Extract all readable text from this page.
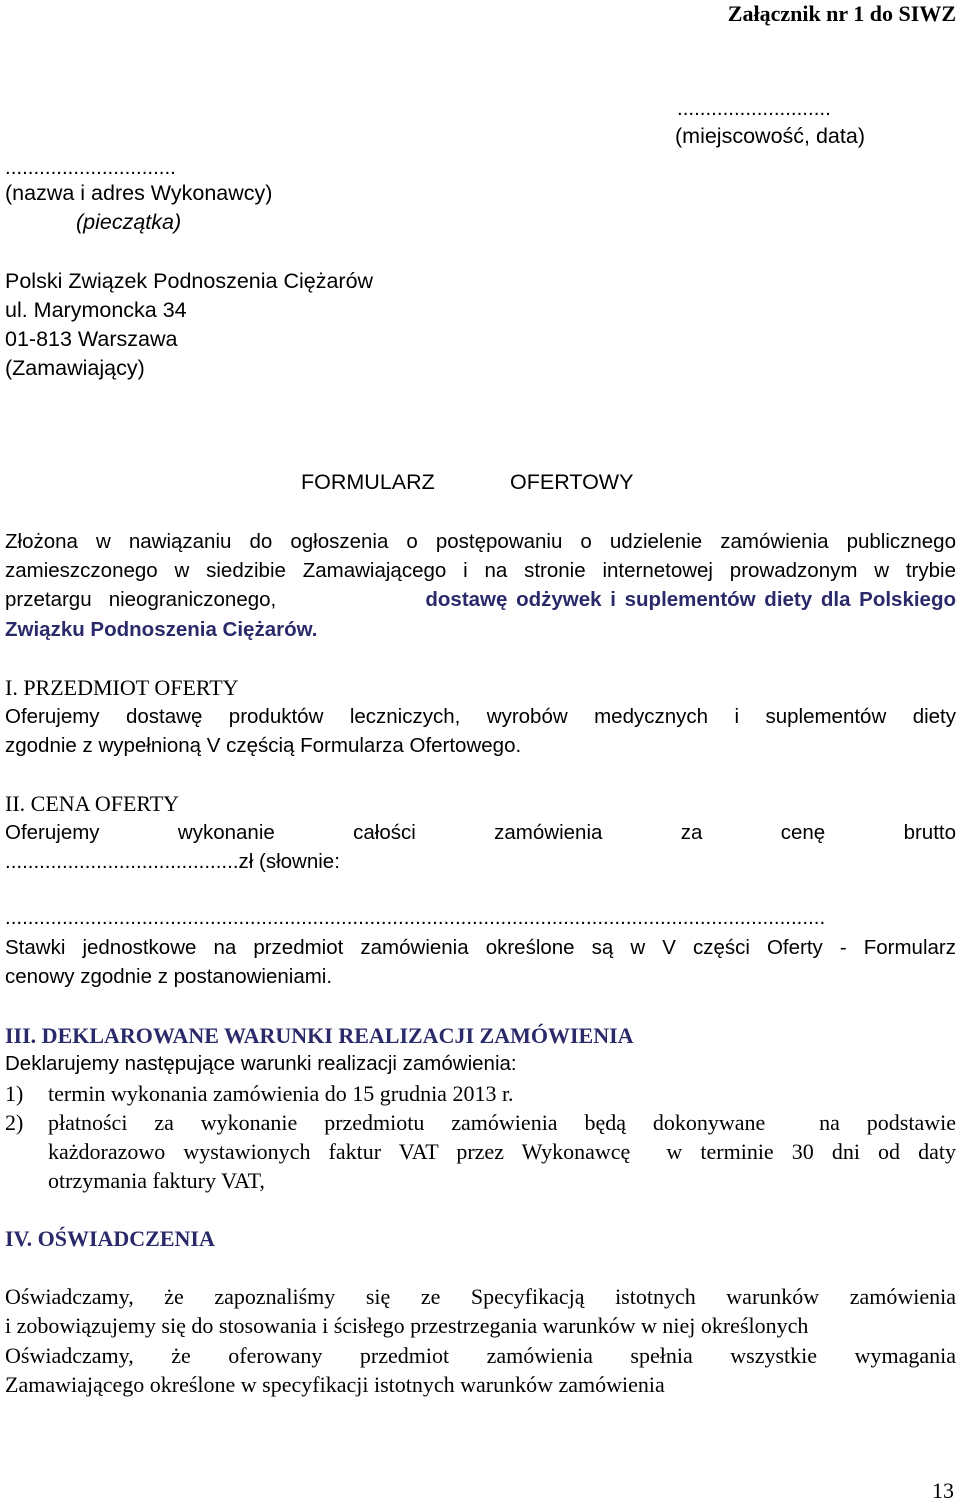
Załącznik nr 1 do SIWZ
...........................
(miejscowość, data)
..............................
(nazwa i adres Wykonawcy)
(pieczątka)
Polski Związek Podnoszenia Ciężarów
ul. Marymoncka 34
01-813 Warszawa
(Zamawiający)
FORMULARZ	OFERTOWY
Złożona w nawiązaniu do ogłoszenia o postępowaniu o udzielenie zamówienia publicznego
zamieszczonego w siedzibie Zamawiającego i na stronie internetowej prowadzonym w trybie
przetargu   nieograniczonego,	dostawę odżywek i suplementów diety dla Polskiego
Związku Podnoszenia Ciężarów.
I. PRZEDMIOT OFERTY
Oferujemy dostawę produktów leczniczych, wyrobów medycznych i suplementów diety
zgodnie z wypełnioną V częścią Formularza Ofertowego.
II. CENA OFERTY
Oferujemy wykonanie całości zamówienia za cenę brutto
.........................................zł (słownie:
................................................................................................................................................
Stawki jednostkowe na przedmiot zamówienia określone są w V części Oferty - Formularz
cenowy zgodnie z postanowieniami.
III. DEKLAROWANE WARUNKI REALIZACJI ZAMÓWIENIA
Deklarujemy następujące warunki realizacji zamówienia:
1) termin wykonania zamówienia do 15 grudnia 2013 r.
2) płatności za wykonanie przedmiotu zamówienia będą dokonywane  na podstawie
każdorazowo wystawionych faktur VAT przez Wykonawcę  w terminie 30 dni od daty
otrzymania faktury VAT,
IV. OŚWIADCZENIA
Oświadczamy, że zapoznaliśmy się ze Specyfikacją istotnych warunków zamówienia
i zobowiązujemy się do stosowania i ścisłego przestrzegania warunków w niej określonych
Oświadczamy, że oferowany przedmiot zamówienia spełnia wszystkie wymagania
Zamawiającego określone w specyfikacji istotnych warunków zamówienia
13
